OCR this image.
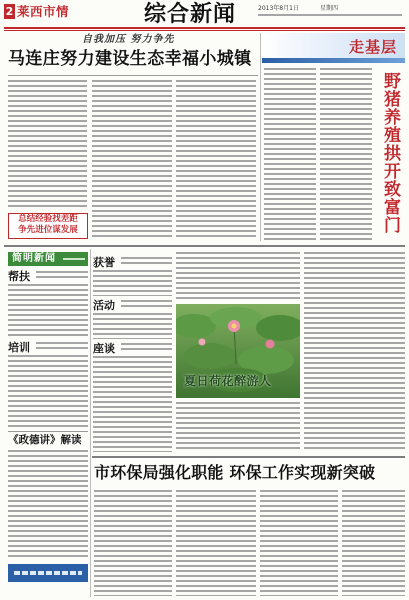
2 莱西市情	综合新闻	2013年8月1日	星期四
自我加压 努力争先
马连庄努力建设生态幸福小城镇
总结经验找差距
争先进位谋发展
走基层
野猪养殖拱开致富门
简明新闻
帮扶
培训
《政德讲》解读
获誉
活动
座谈
夏日荷花醉游人
市环保局强化职能 环保工作实现新突破
